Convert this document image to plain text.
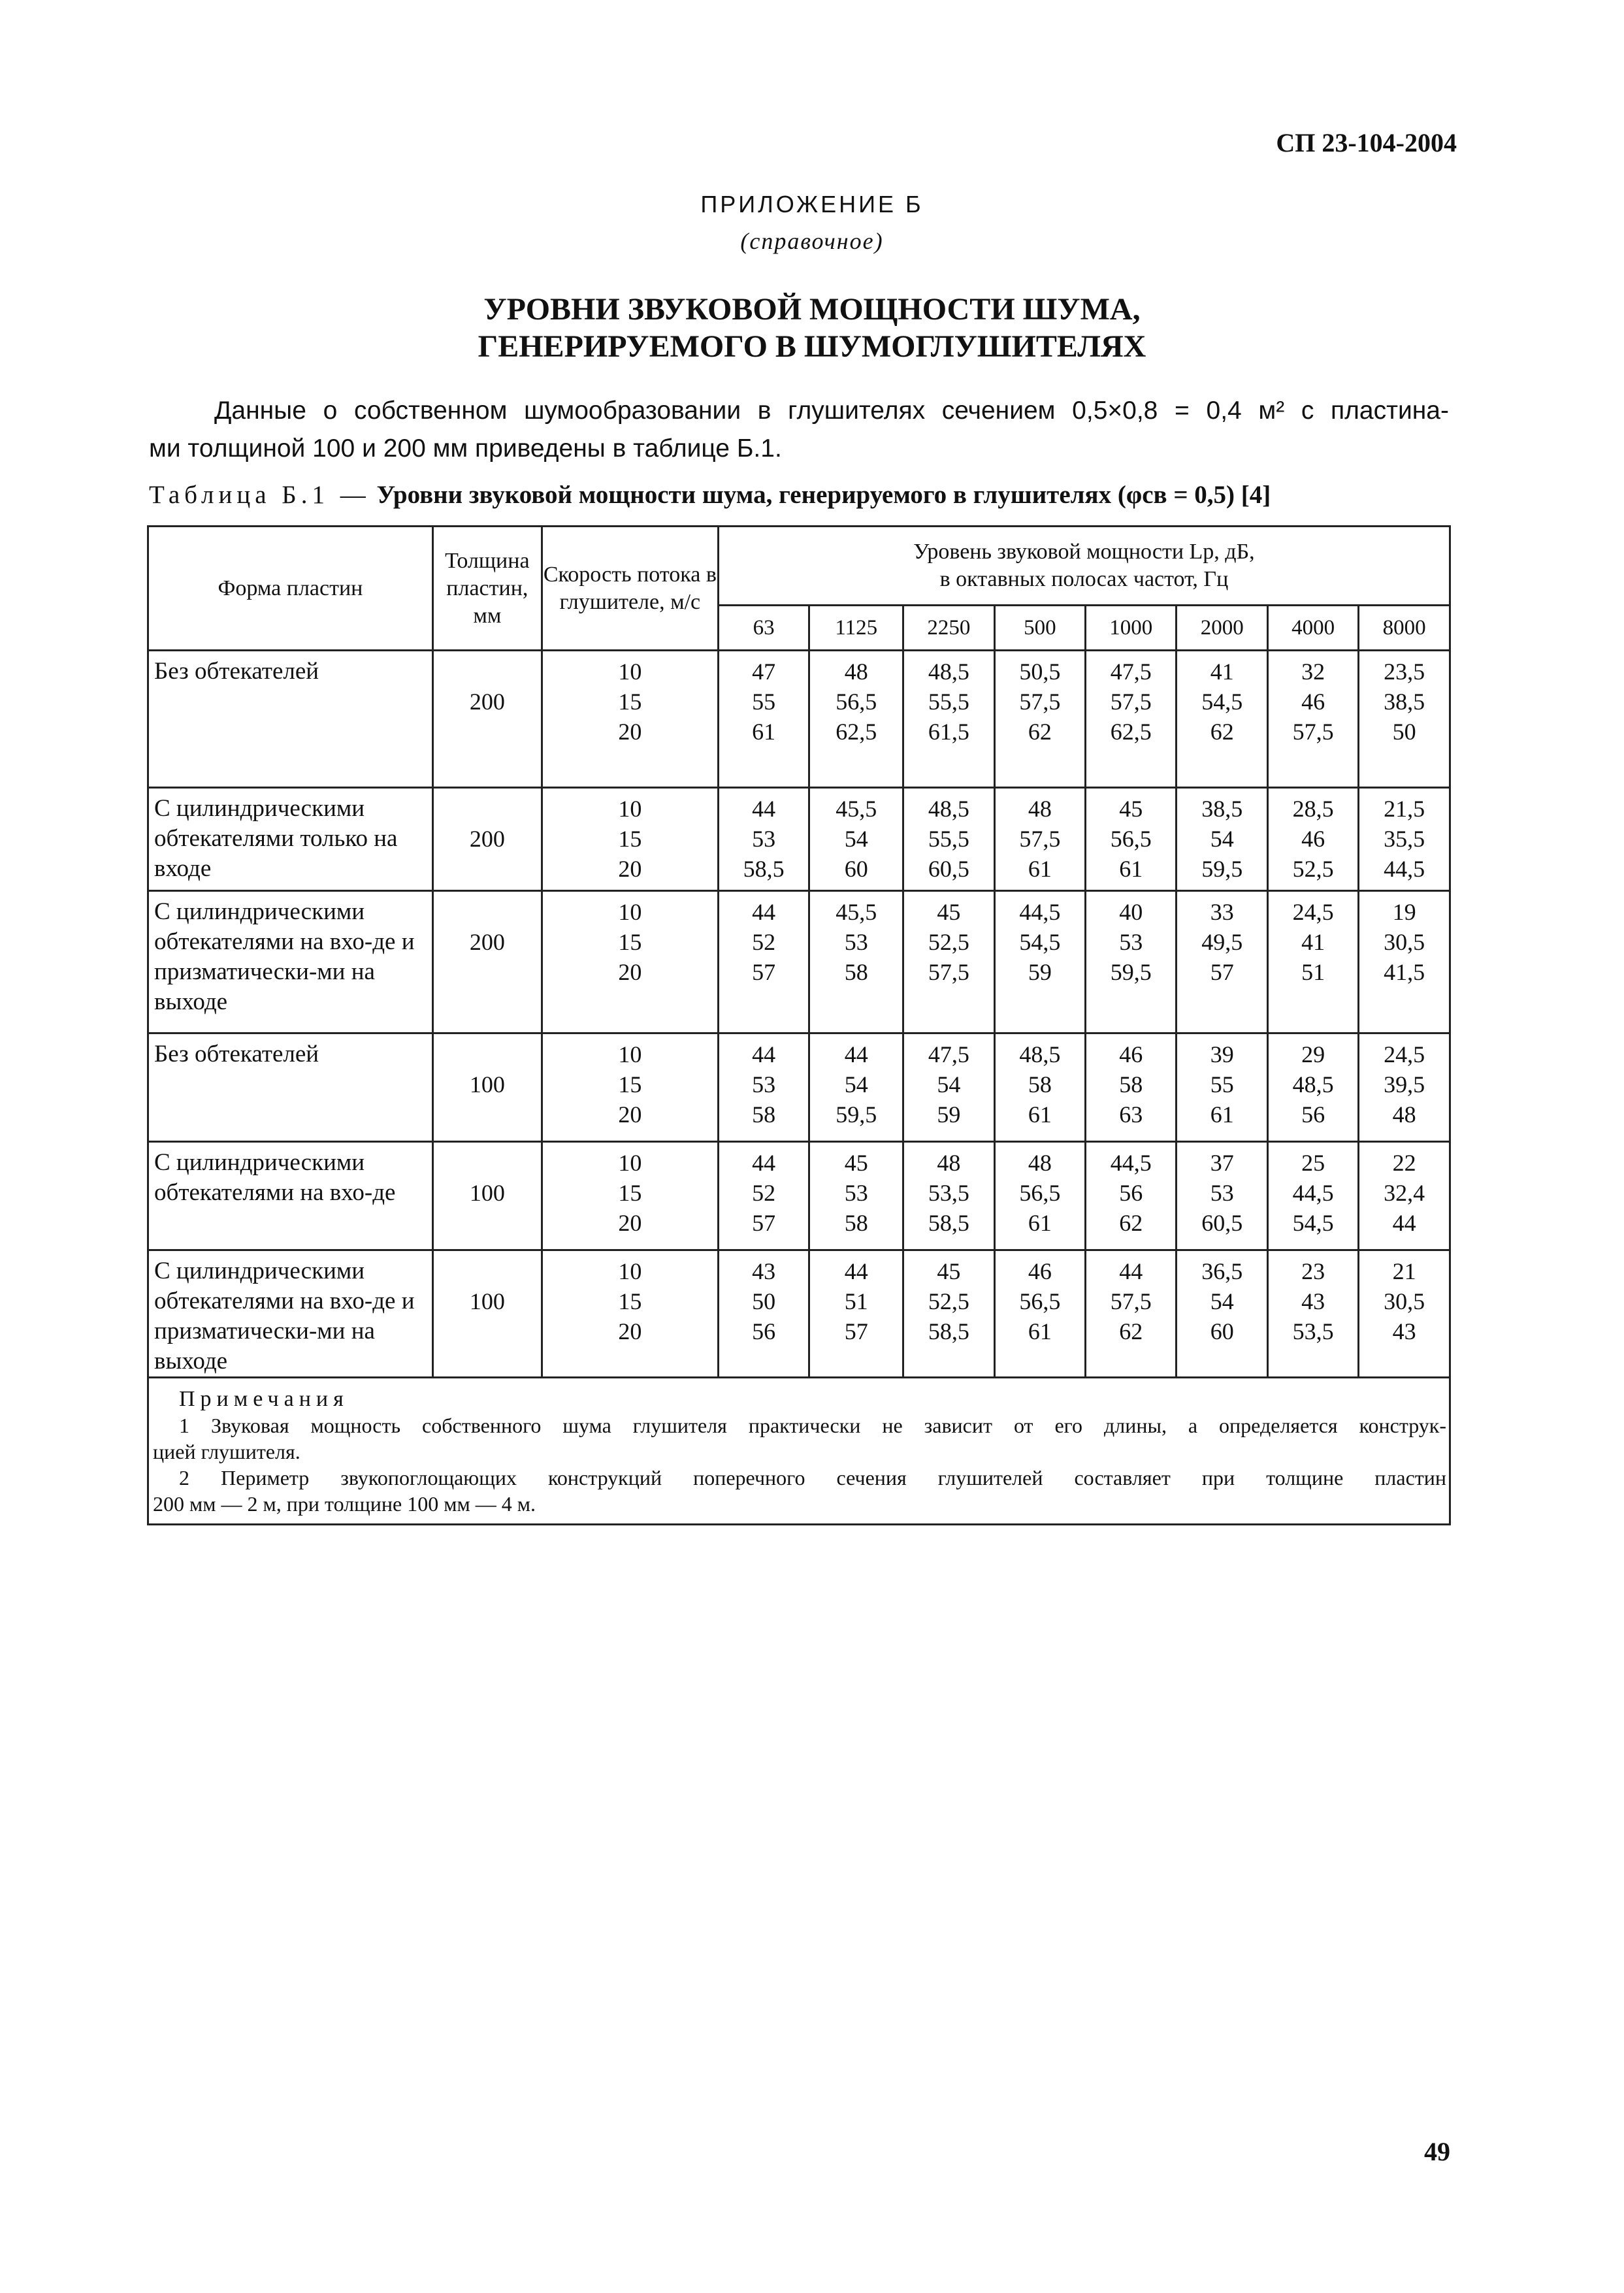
СП 23-104-2004
ПРИЛОЖЕНИЕ Б
(справочное)
УРОВНИ ЗВУКОВОЙ МОЩНОСТИ ШУМА,
ГЕНЕРИРУЕМОГО В ШУМОГЛУШИТЕЛЯХ
Данные о собственном шумообразовании в глушителях сечением 0,5×0,8 = 0,4 м² с пластина-
ми толщиной 100 и 200 мм приведены в таблице Б.1.
Таблица Б.1 — Уровни звуковой мощности шума, генерируемого в глушителях (φсв = 0,5) [4]
Форма пластин	Толщина пластин, мм	Скорость потока в глушителе, м/с	Уровень звуковой мощности Lр, дБ,
в октавных полосах частот, Гц							

			63	1125	2250	500	1000	2000	4000	8000
Без обтекателей	200	10
15
20	47
55
61	48
56,5
62,5	48,5
55,5
61,5	50,5
57,5
62	47,5
57,5
62,5	41
54,5
62	32
46
57,5	23,5
38,5
50

С цилиндрическими обтекателями только на входе	200	10
15
20	44
53
58,5	45,5
54
60	48,5
55,5
60,5	48
57,5
61	45
56,5
61	38,5
54
59,5	28,5
46
52,5	21,5
35,5
44,5

С цилиндрическими обтекателями на вхо-де и призматически-ми на выходе	200	10
15
20	44
52
57	45,5
53
58	45
52,5
57,5	44,5
54,5
59	40
53
59,5	33
49,5
57	24,5
41
51	19
30,5
41,5

Без обтекателей	100	10
15
20	44
53
58	44
54
59,5	47,5
54
59	48,5
58
61	46
58
63	39
55
61	29
48,5
56	24,5
39,5
48

С цилиндрическими обтекателями на вхо-де	100	10
15
20	44
52
57	45
53
58	48
53,5
58,5	48
56,5
61	44,5
56
62	37
53
60,5	25
44,5
54,5	22
32,4
44

С цилиндрическими обтекателями на вхо-де и призматически-ми на выходе	100	10
15
20	43
50
56	44
51
57	45
52,5
58,5	46
56,5
61	44
57,5
62	36,5
54
60	23
43
53,5	21
30,5
43

Примечания
1 Звуковая мощность собственного шума глушителя практически не зависит от его длины, а определяется конструк-
цией глушителя.
2 Периметр звукопоглощающих конструкций поперечного сечения глушителей составляет при толщине пластин
200 мм — 2 м, при толщине 100 мм — 4 м.										
49
